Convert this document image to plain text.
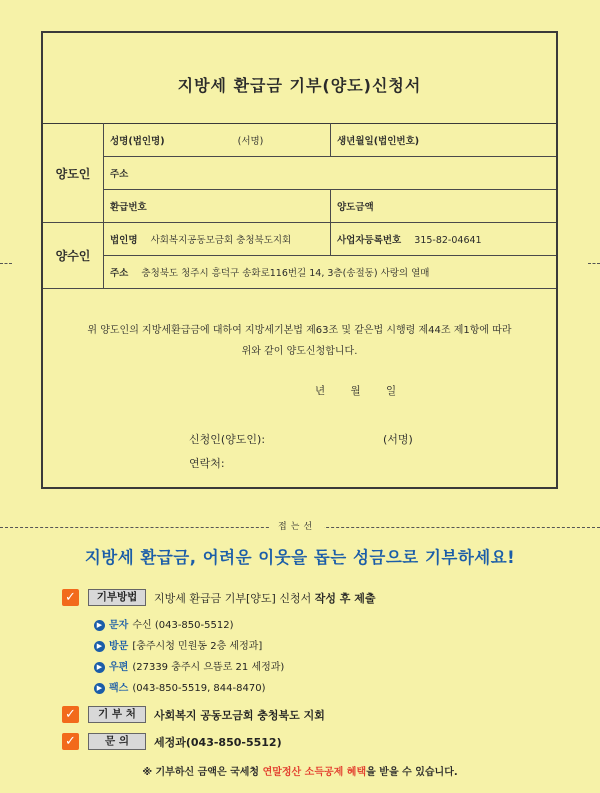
지방세 환급금 기부(양도)신청서
양도인	성명(법인명) (서명)	생년월일(법인번호)
	주소	
	환급번호	양도금액
양수인	법인명 사회복지공동모금회 충청북도지회	사업자등록번호 315-82-04641
	주소 충청북도 청주시 흥덕구 송화로116번길 14, 3층(송절동) 사랑의 열매	
위 양도인의 지방세환급금에 대하여 지방세기본법 제63조 및 같은법 시행령 제44조 제1항에 따라
위와 같이 양도신청합니다.
년 월 일
신청인(양도인):	(서명)
연락처:
접는선
지방세 환급금, 어려운 이웃을 돕는 성금으로 기부하세요!
✓	기부방법	지방세 환급금 기부[양도] 신청서 작성 후 제출
▶ 문자 수신 (043-850-5512)
▶ 방문 [충주시청 민원동 2층 세정과]
▶ 우편 (27339 충주시 으뜸로 21 세정과)
▶ 팩스 (043-850-5519, 844-8470)
✓	기 부 처	사회복지 공동모금회 충청북도 지회
✓	문 의	세정과(043-850-5512)
※ 기부하신 금액은 국세청 연말정산 소득공제 혜택을 받을 수 있습니다.
